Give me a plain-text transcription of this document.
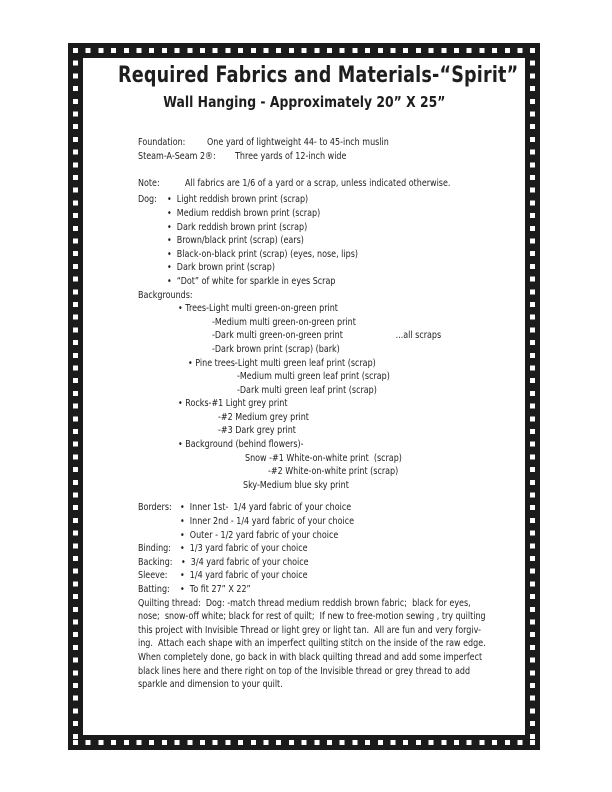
Required Fabrics and Materials-“Spirit”
Wall Hanging - Approximately 20” X 25”
Foundation:	One yard of lightweight 44- to 45-inch muslin
Steam-A-Seam 2®: Three yards of 12-inch wide
Note:	All fabrics are 1/6 of a yard or a scrap, unless indicated otherwise.
Dog:	•  Light reddish brown print (scrap)
•  Medium reddish brown print (scrap)
•  Dark reddish brown print (scrap)
•  Brown/black print (scrap) (ears)
•  Black-on-black print (scrap) (eyes, nose, lips)
•  Dark brown print (scrap)
•  “Dot” of white for sparkle in eyes Scrap
Backgrounds:
• Trees-Light multi green-on-green print
-Medium multi green-on-green print
-Dark multi green-on-green print	...all scraps
-Dark brown print (scrap) (bark)
• Pine trees-Light multi green leaf print (scrap)
-Medium multi green leaf print (scrap)
-Dark multi green leaf print (scrap)
• Rocks-#1 Light grey print
-#2 Medium grey print
-#3 Dark grey print
• Background (behind flowers)-
Snow -#1 White-on-white print  (scrap)
-#2 White-on-white print (scrap)
Sky-Medium blue sky print
Borders: •  Inner 1st-  1/4 yard fabric of your choice
•  Inner 2nd - 1/4 yard fabric of your choice
•  Outer - 1/2 yard fabric of your choice
Binding: •  1/3 yard fabric of your choice
Backing: •  3/4 yard fabric of your choice
Sleeve:	•  1/4 yard fabric of your choice
Batting: •  To fit 27” X 22”
Quilting thread:  Dog: -match thread medium reddish brown fabric;  black for eyes,
nose;  snow-off white; black for rest of quilt;  If new to free-motion sewing , try quilting
this project with Invisible Thread or light grey or light tan.  All are fun and very forgiv-
ing.  Attach each shape with an imperfect quilting stitch on the inside of the raw edge.
When completely done, go back in with black quilting thread and add some imperfect
black lines here and there right on top of the Invisible thread or grey thread to add
sparkle and dimension to your quilt.
